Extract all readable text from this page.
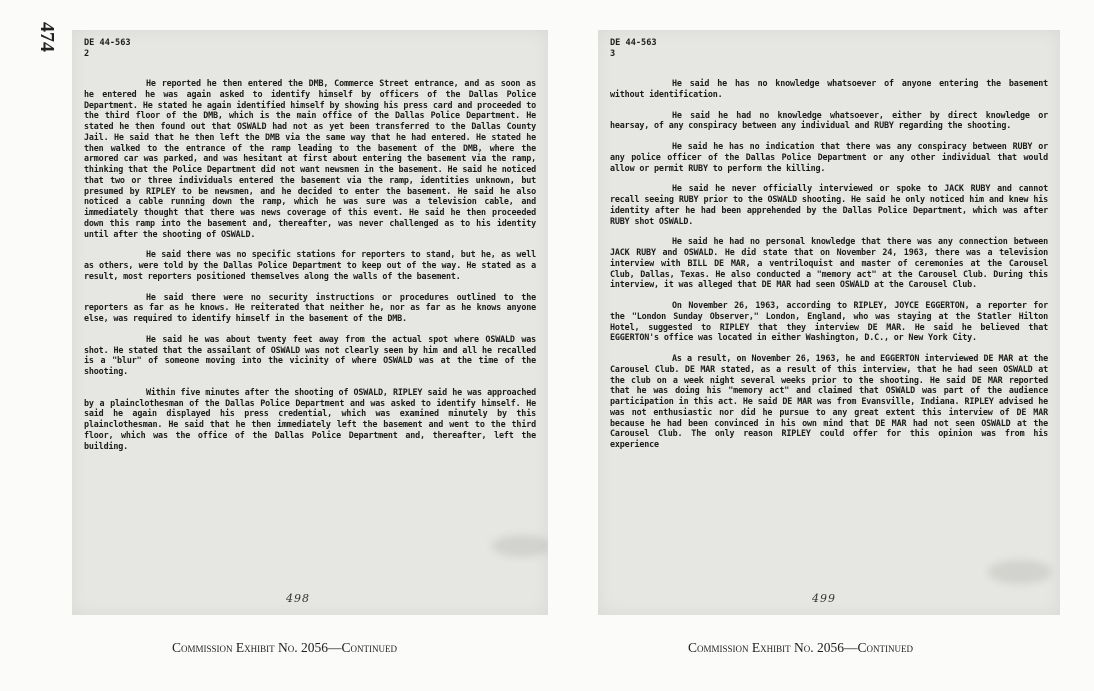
474	DE 44-563
2

He reported he then entered the DMB, Commerce Street entrance, and as soon as he entered he was again asked to identify himself by officers of the Dallas Police Department. He stated he again identified himself by showing his press card and proceeded to the third floor of the DMB, which is the main office of the Dallas Police Department. He stated he then found out that OSWALD had not as yet been transferred to the Dallas County Jail. He said that he then left the DMB via the same way that he had entered. He stated he then walked to the entrance of the ramp leading to the basement of the DMB, where the armored car was parked, and was hesitant at first about entering the basement via the ramp, thinking that the Police Department did not want newsmen in the basement. He said he noticed that two or three individuals entered the basement via the ramp, identities unknown, but presumed by RIPLEY to be newsmen, and he decided to enter the basement. He said he also noticed a cable running down the ramp, which he was sure was a television cable, and immediately thought that there was news coverage of this event. He said he then proceeded down this ramp into the basement and, thereafter, was never challenged as to his identity until after the shooting of OSWALD.

He said there was no specific stations for reporters to stand, but he, as well as others, were told by the Dallas Police Department to keep out of the way. He stated as a result, most reporters positioned themselves along the walls of the basement.

He said there were no security instructions or procedures outlined to the reporters as far as he knows. He reiterated that neither he, nor as far as he knows anyone else, was required to identify himself in the basement of the DMB.

He said he was about twenty feet away from the actual spot where OSWALD was shot. He stated that the assailant of OSWALD was not clearly seen by him and all he recalled is a "blur" of someone moving into the vicinity of where OSWALD was at the time of the shooting.

Within five minutes after the shooting of OSWALD, RIPLEY said he was approached by a plainclothesman of the Dallas Police Department and was asked to identify himself. He said he again displayed his press credential, which was examined minutely by this plainclothesman. He said that he then immediately left the basement and went to the third floor, which was the office of the Dallas Police Department and, thereafter, left the building.

498
DE 44-563
3

He said he has no knowledge whatsoever of anyone entering the basement without identification.

He said he had no knowledge whatsoever, either by direct knowledge or hearsay, of any conspiracy between any individual and RUBY regarding the shooting.

He said he has no indication that there was any conspiracy between RUBY or any police officer of the Dallas Police Department or any other individual that would allow or permit RUBY to perform the killing.

He said he never officially interviewed or spoke to JACK RUBY and cannot recall seeing RUBY prior to the OSWALD shooting. He said he only noticed him and knew his identity after he had been apprehended by the Dallas Police Department, which was after RUBY shot OSWALD.

He said he had no personal knowledge that there was any connection between JACK RUBY and OSWALD. He did state that on November 24, 1963, there was a television interview with BILL DE MAR, a ventriloquist and master of ceremonies at the Carousel Club, Dallas, Texas. He also conducted a "memory act" at the Carousel Club. During this interview, it was alleged that DE MAR had seen OSWALD at the Carousel Club.

On November 26, 1963, according to RIPLEY, JOYCE EGGERTON, a reporter for the "London Sunday Observer," London, England, who was staying at the Statler Hilton Hotel, suggested to RIPLEY that they interview DE MAR. He said he believed that EGGERTON's office was located in either Washington, D.C., or New York City.

As a result, on November 26, 1963, he and EGGERTON interviewed DE MAR at the Carousel Club. DE MAR stated, as a result of this interview, that he had seen OSWALD at the club on a week night several weeks prior to the shooting. He said DE MAR reported that he was doing his "memory act" and claimed that OSWALD was part of the audience participation in this act. He said DE MAR was from Evansville, Indiana. RIPLEY advised he was not enthusiastic nor did he pursue to any great extent this interview of DE MAR because he had been convinced in his own mind that DE MAR had not seen OSWALD at the Carousel Club. The only reason RIPLEY could offer for this opinion was from his experience

499
Commission Exhibit No. 2056—Continued	Commission Exhibit No. 2056—Continued
